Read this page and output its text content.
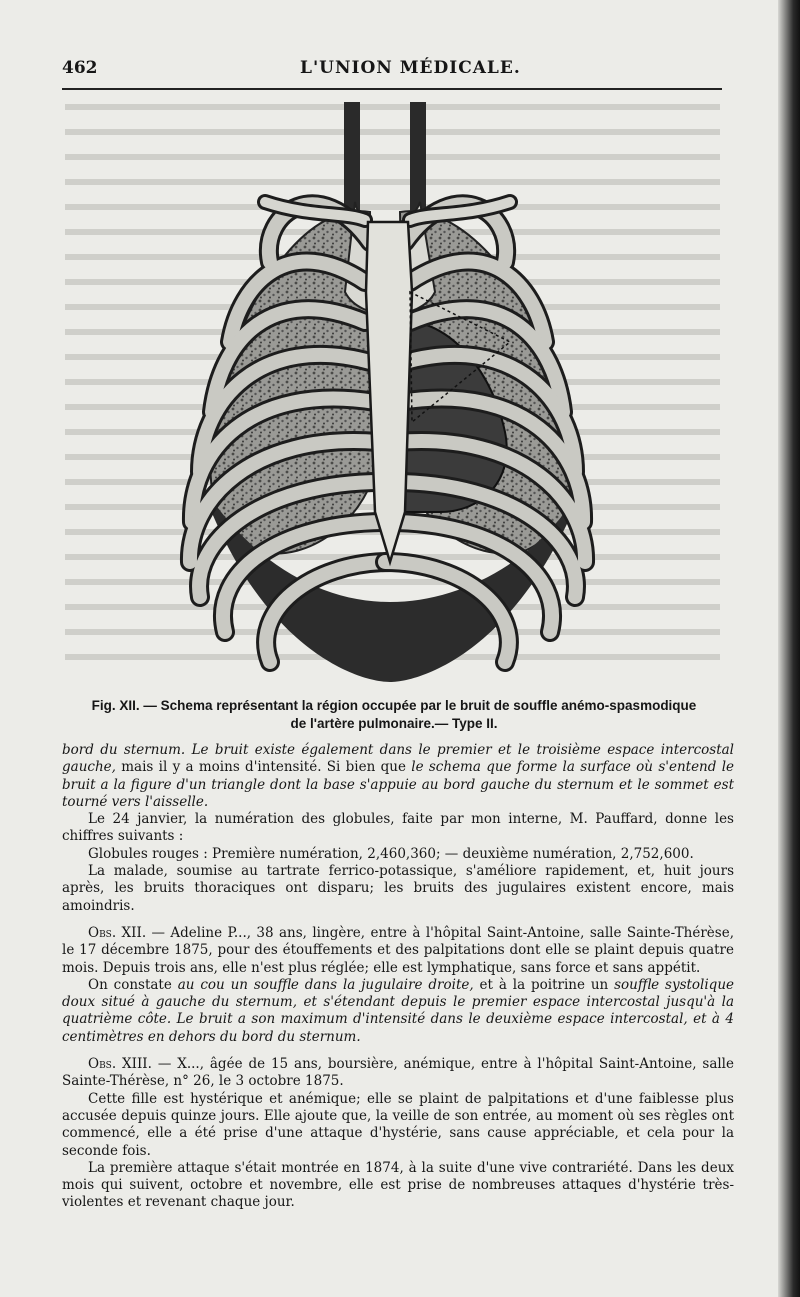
462	L'UNION MÉDICALE.
Fig. XII. — Schema représentant la région occupée par le bruit de souffle anémo-spasmodique
de l'artère pulmonaire.— Type II.

bord du sternum. Le bruit existe également dans le premier et le troisième espace intercostal gauche, mais il y a moins d'intensité. Si bien que le schema que forme la surface où s'entend le bruit a la figure d'un triangle dont la base s'appuie au bord gauche du sternum et le sommet est tourné vers l'aisselle.

Le 24 janvier, la numération des globules, faite par mon interne, M. Pauffard, donne les chiffres suivants :

Globules rouges : Première numération, 2,460,360; — deuxième numération, 2,752,600.

La malade, soumise au tartrate ferrico-potassique, s'améliore rapidement, et, huit jours après, les bruits thoraciques ont disparu; les bruits des jugulaires existent encore, mais amoindris.

Obs. XII. — Adeline P..., 38 ans, lingère, entre à l'hôpital Saint-Antoine, salle Sainte-Thérèse, le 17 décembre 1875, pour des étouffements et des palpitations dont elle se plaint depuis quatre mois. Depuis trois ans, elle n'est plus réglée; elle est lymphatique, sans force et sans appétit.

On constate au cou un souffle dans la jugulaire droite, et à la poitrine un souffle systolique doux situé à gauche du sternum, et s'étendant depuis le premier espace intercostal jusqu'à la quatrième côte. Le bruit a son maximum d'intensité dans le deuxième espace intercostal, et à 4 centimètres en dehors du bord du sternum.

Obs. XIII. — X..., âgée de 15 ans, boursière, anémique, entre à l'hôpital Saint-Antoine, salle Sainte-Thérèse, n° 26, le 3 octobre 1875.

Cette fille est hystérique et anémique; elle se plaint de palpitations et d'une faiblesse plus accusée depuis quinze jours. Elle ajoute que, la veille de son entrée, au moment où ses règles ont commencé, elle a été prise d'une attaque d'hystérie, sans cause appréciable, et cela pour la seconde fois.

La première attaque s'était montrée en 1874, à la suite d'une vive contrariété. Dans les deux mois qui suivent, octobre et novembre, elle est prise de nombreuses attaques d'hystérie très-violentes et revenant chaque jour.
